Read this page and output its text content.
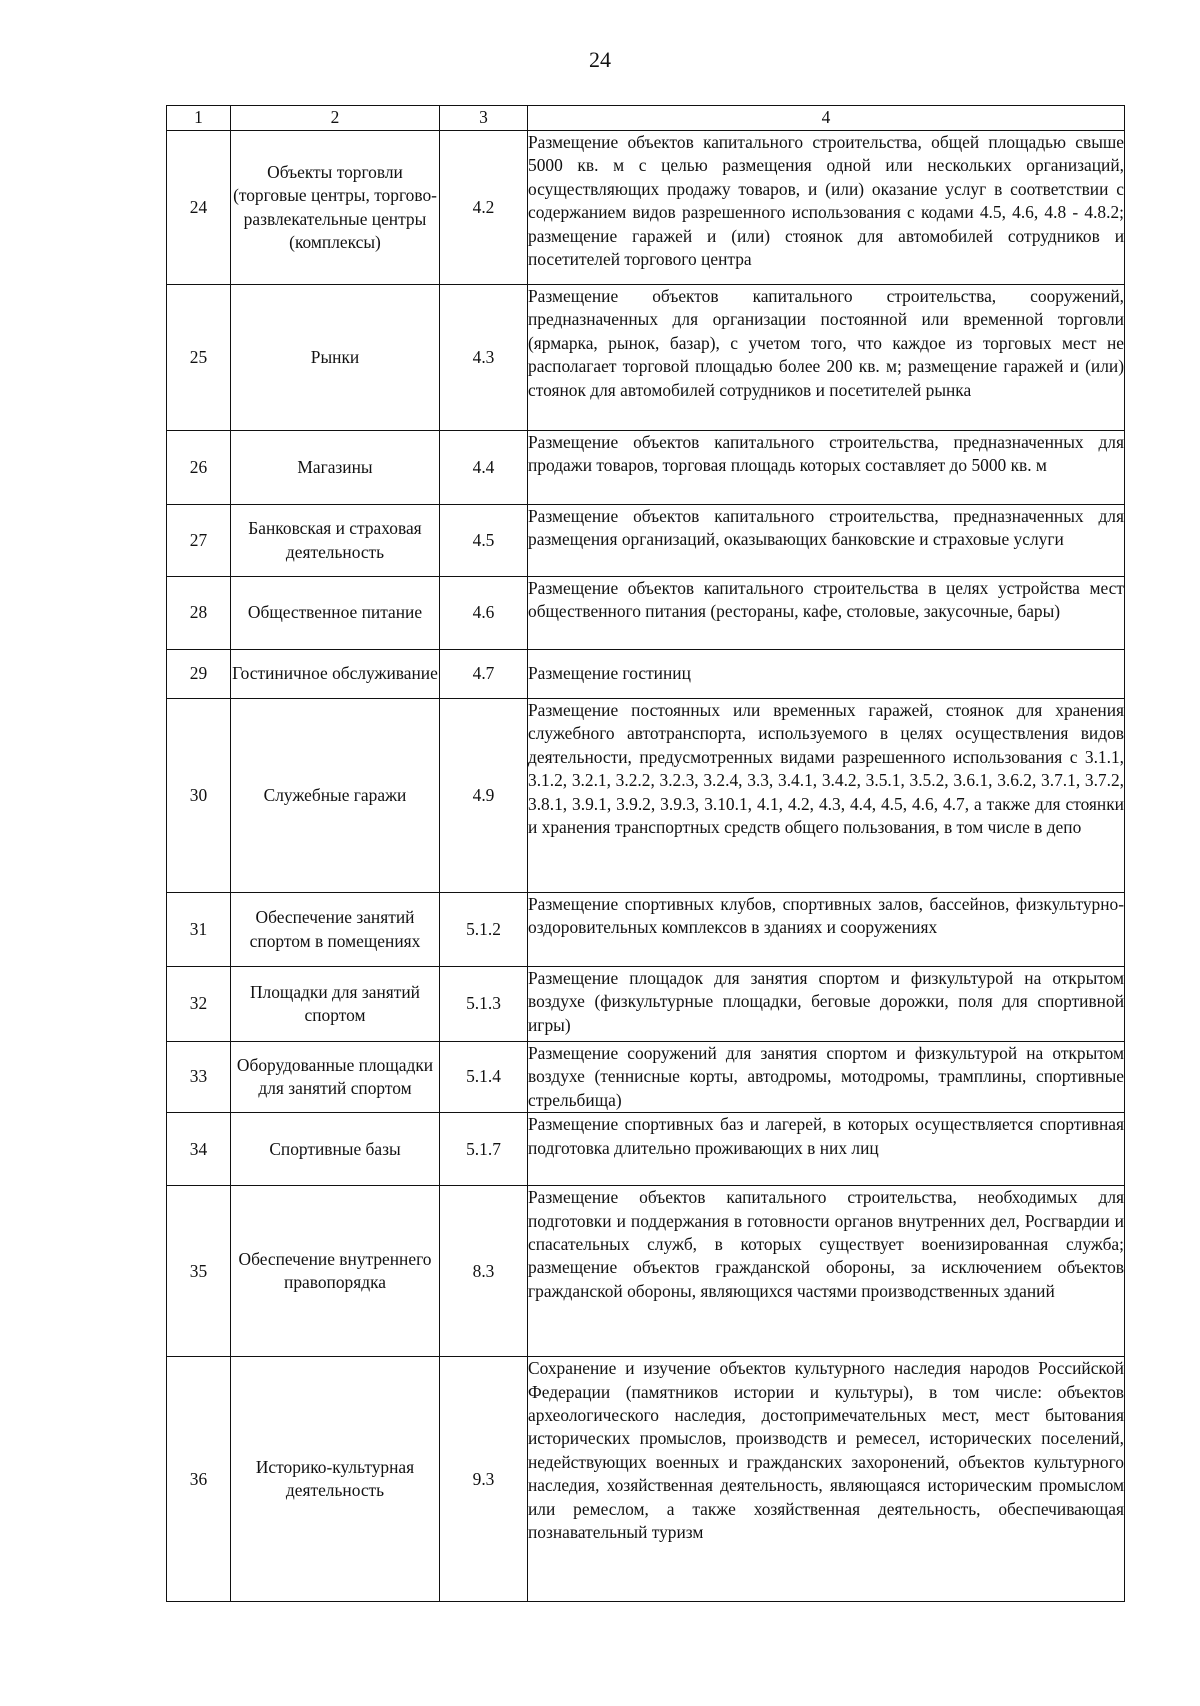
24
1	2	3	4
24	Объекты торговли (торговые центры, торгово-развлекательные центры (комплексы)	4.2	Размещение объектов капитального строительства, общей площадью свыше 5000 кв. м с целью размещения одной или нескольких организаций, осуществляющих продажу товаров, и (или) оказание услуг в соответствии с содержанием видов разрешенного использования с кодами 4.5, 4.6, 4.8 - 4.8.2; размещение гаражей и (или) стоянок для автомобилей сотрудников и посетителей торгового центра
25	Рынки	4.3	Размещение объектов капитального строительства, сооружений, предназначенных для организации постоянной или временной торговли (ярмарка, рынок, базар), с учетом того, что каждое из торговых мест не располагает торговой площадью более 200 кв. м; размещение гаражей и (или) стоянок для автомобилей сотрудников и посетителей рынка
26	Магазины	4.4	Размещение объектов капитального строительства, предназначенных для продажи товаров, торговая площадь которых составляет до 5000 кв. м
27	Банковская и страховая деятельность	4.5	Размещение объектов капитального строительства, предназначенных для размещения организаций, оказывающих банковские и страховые услуги
28	Общественное питание	4.6	Размещение объектов капитального строительства в целях устройства мест общественного питания (рестораны, кафе, столовые, закусочные, бары)
29	Гостиничное обслуживание	4.7	Размещение гостиниц
30	Служебные гаражи	4.9	Размещение постоянных или временных гаражей, стоянок для хранения служебного автотранспорта, используемого в целях осуществления видов деятельности, предусмотренных видами разрешенного использования с 3.1.1, 3.1.2, 3.2.1, 3.2.2, 3.2.3, 3.2.4, 3.3, 3.4.1, 3.4.2, 3.5.1, 3.5.2, 3.6.1, 3.6.2, 3.7.1, 3.7.2, 3.8.1, 3.9.1, 3.9.2, 3.9.3, 3.10.1, 4.1, 4.2, 4.3, 4.4, 4.5, 4.6, 4.7, а также для стоянки и хранения транспортных средств общего пользования, в том числе в депо
31	Обеспечение занятий спортом в помещениях	5.1.2	Размещение спортивных клубов, спортивных залов, бассейнов, физкультурно-оздоровительных комплексов в зданиях и сооружениях
32	Площадки для занятий спортом	5.1.3	Размещение площадок для занятия спортом и физкультурой на открытом воздухе (физкультурные площадки, беговые дорожки, поля для спортивной игры)
33	Оборудованные площадки для занятий спортом	5.1.4	Размещение сооружений для занятия спортом и физкультурой на открытом воздухе (теннисные корты, автодромы, мотодромы, трамплины, спортивные стрельбища)
34	Спортивные базы	5.1.7	Размещение спортивных баз и лагерей, в которых осуществляется спортивная подготовка длительно проживающих в них лиц
35	Обеспечение внутреннего правопорядка	8.3	Размещение объектов капитального строительства, необходимых для подготовки и поддержания в готовности органов внутренних дел, Росгвардии и спасательных служб, в которых существует военизированная служба; размещение объектов гражданской обороны, за исключением объектов гражданской обороны, являющихся частями производственных зданий
36	Историко-культурная деятельность	9.3	Сохранение и изучение объектов культурного наследия народов Российской Федерации (памятников истории и культуры), в том числе: объектов археологического наследия, достопримечательных мест, мест бытования исторических промыслов, производств и ремесел, исторических поселений, недействующих военных и гражданских захоронений, объектов культурного наследия, хозяйственная деятельность, являющаяся историческим промыслом или ремеслом, а также хозяйственная деятельность, обеспечивающая познавательный туризм
